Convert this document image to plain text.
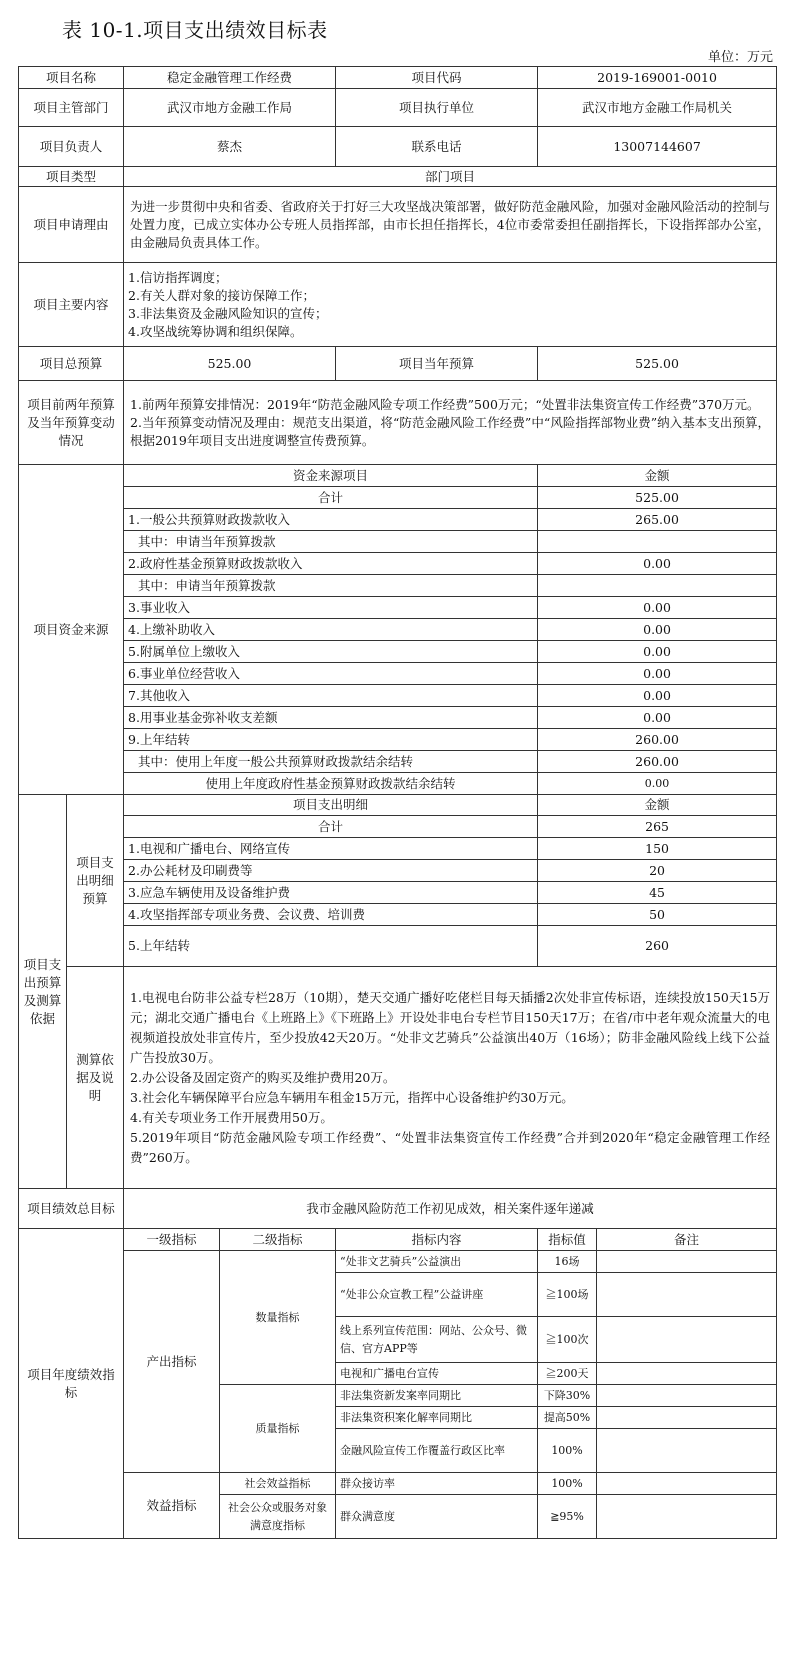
表 10-1.项目支出绩效目标表
单位：万元
项目名称		稳定金融管理工作经费		项目代码	2019-169001-0010	
项目主管部门		武汉市地方金融工作局		项目执行单位	武汉市地方金融工作局机关	
项目负责人		蔡杰		联系电话	13007144607	
项目类型		部门项目				
项目申请理由		为进一步贯彻中央和省委、省政府关于打好三大攻坚战决策部署，做好防范金融风险，加强对金融风险活动的控制与处置力度，已成立实体办公专班人员指挥部，由市长担任指挥长，4位市委常委担任副指挥长，下设指挥部办公室，由金融局负责具体工作。				
项目主要内容		1.信访指挥调度；
2.有关人群对象的接访保障工作；
3.非法集资及金融风险知识的宣传；
4.攻坚战统筹协调和组织保障。				

项目总预算		525.00		项目当年预算	525.00	
项目前两年预算及当年预算变动情况		1.前两年预算安排情况：2019年“防范金融风险专项工作经费”500万元；“处置非法集资宣传工作经费”370万元。
2.当年预算变动情况及理由：规范支出渠道，将“防范金融风险工作经费”中“风险指挥部物业费”纳入基本支出预算，根据2019年项目支出进度调整宣传费预算。				

项目资金来源		资金来源项目			金额	
		合计			525.00	
		1.一般公共预算财政拨款收入			265.00	
		其中：申请当年预算拨款				
		2.政府性基金预算财政拨款收入			0.00	
		其中：申请当年预算拨款				
		3.事业收入			0.00	
		4.上缴补助收入			0.00	
		5.附属单位上缴收入			0.00	
		6.事业单位经营收入			0.00	
		7.其他收入			0.00	
		8.用事业基金弥补收支差额			0.00	
		9.上年结转			260.00	
		其中：使用上年度一般公共预算财政拨款结余结转			260.00	
		使用上年度政府性基金预算财政拨款结余结转			0.00	
项目支出预算及测算依据	项目支出明细预算	项目支出明细			金额	
		合计			265	
		1.电视和广播电台、网络宣传			150	
		2.办公耗材及印刷费等			20	
		3.应急车辆使用及设备维护费			45	
		4.攻坚指挥部专项业务费、会议费、培训费			50	
		5.上年结转			260	
	测算依据及说明	1.电视电台防非公益专栏28万（10期），楚天交通广播好吃佬栏目每天插播2次处非宣传标语，连续投放150天15万元；湖北交通广播电台《上班路上》《下班路上》开设处非电台专栏节目150天17万；在省/市中老年观众流量大的电视频道投放处非宣传片，至少投放42天20万。“处非文艺骑兵”公益演出40万（16场）；防非金融风险线上线下公益广告投放30万。
2.办公设备及固定资产的购买及维护费用20万。
3.社会化车辆保障平台应急车辆用车租金15万元，指挥中心设备维护约30万元。
4.有关专项业务工作开展费用50万。
5.2019年项目“防范金融风险专项工作经费”、“处置非法集资宣传工作经费”合并到2020年“稳定金融管理工作经费”260万。				

项目绩效总目标		我市金融风险防范工作初见成效，相关案件逐年递减				
项目年度绩效指标		一级指标	二级指标	指标内容	指标值	备注
		产出指标	数量指标	“处非文艺骑兵”公益演出	16场	
				“处非公众宣教工程”公益讲座	≧100场	
				线上系列宣传范围：网站、公众号、微信、官方APP等	≧100次	
				电视和广播电台宣传	≧200天	
			质量指标	非法集资新发案率同期比	下降30%	
				非法集资积案化解率同期比	提高50%	
				金融风险宣传工作覆盖行政区比率	100%	
		效益指标	社会效益指标	群众接访率	100%	
			社会公众或服务对象满意度指标	群众满意度	≧95%	
